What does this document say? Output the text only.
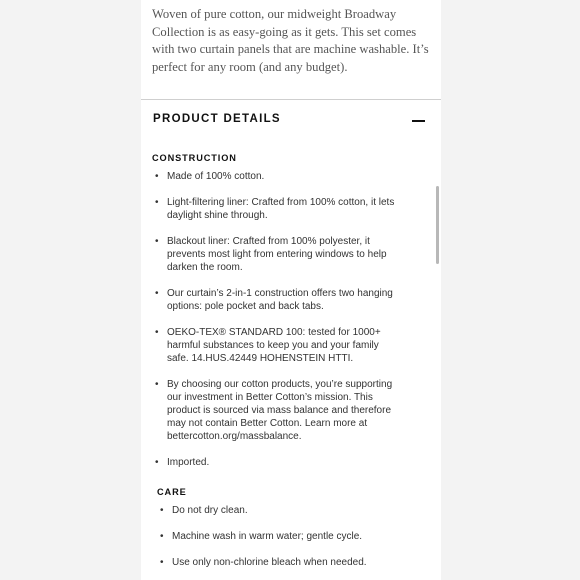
Woven of pure cotton, our midweight Broadway Collection is as easy-going as it gets. This set comes with two curtain panels that are machine washable. It’s perfect for any room (and any budget).

PRODUCT DETAILS
CONSTRUCTION
• Made of 100% cotton.
• Light-filtering liner: Crafted from 100% cotton, it lets daylight shine through.
• Blackout liner: Crafted from 100% polyester, it prevents most light from entering windows to help darken the room.
• Our curtain’s 2-in-1 construction offers two hanging options: pole pocket and back tabs.
• OEKO-TEX® STANDARD 100: tested for 1000+ harmful substances to keep you and your family safe. 14.HUS.42449 HOHENSTEIN HTTI.
• By choosing our cotton products, you’re supporting our investment in Better Cotton’s mission. This product is sourced via mass balance and therefore may not contain Better Cotton. Learn more at bettercotton.org/massbalance.
• Imported.
CARE
• Do not dry clean.
• Machine wash in warm water; gentle cycle.
• Use only non-chlorine bleach when needed.
